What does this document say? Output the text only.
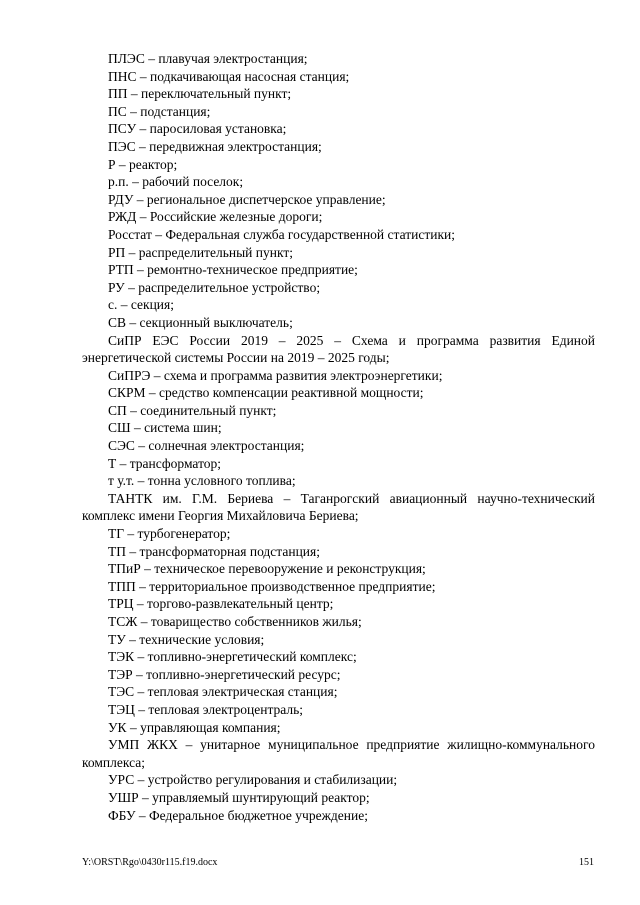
ПЛЭС – плавучая электростанция;

ПНС – подкачивающая насосная станция;

ПП – переключательный пункт;

ПС – подстанция;

ПСУ – паросиловая установка;

ПЭС – передвижная электростанция;

Р – реактор;

р.п. – рабочий поселок;

РДУ – региональное диспетчерское управление;

РЖД – Российские железные дороги;

Росстат – Федеральная служба государственной статистики;

РП – распределительный пункт;

РТП – ремонтно-техническое предприятие;

РУ – распределительное устройство;

с. – секция;

СВ – секционный выключатель;

СиПР ЕЭС России 2019 – 2025 – Схема и программа развития Единой энергетической системы России на 2019 – 2025 годы;

СиПРЭ – схема и программа развития электроэнергетики;

СКРМ – средство компенсации реактивной мощности;

СП – соединительный пункт;

СШ – система шин;

СЭС – солнечная электростанция;

Т – трансформатор;

т у.т. – тонна условного топлива;

ТАНТК им. Г.М. Бериева – Таганрогский авиационный научно-технический комплекс имени Георгия Михайловича Бериева;

ТГ – турбогенератор;

ТП – трансформаторная подстанция;

ТПиР – техническое перевооружение и реконструкция;

ТПП – территориальное производственное предприятие;

ТРЦ – торгово-развлекательный центр;

ТСЖ – товарищество собственников жилья;

ТУ – технические условия;

ТЭК – топливно-энергетический комплекс;

ТЭР – топливно-энергетический ресурс;

ТЭС – тепловая электрическая станция;

ТЭЦ – тепловая электроцентраль;

УК – управляющая компания;

УМП ЖКХ – унитарное муниципальное предприятие жилищно-коммунального комплекса;

УРС – устройство регулирования и стабилизации;

УШР – управляемый шунтирующий реактор;

ФБУ – Федеральное бюджетное учреждение;

Y:\ORST\Rgo\0430r115.f19.docx	151
